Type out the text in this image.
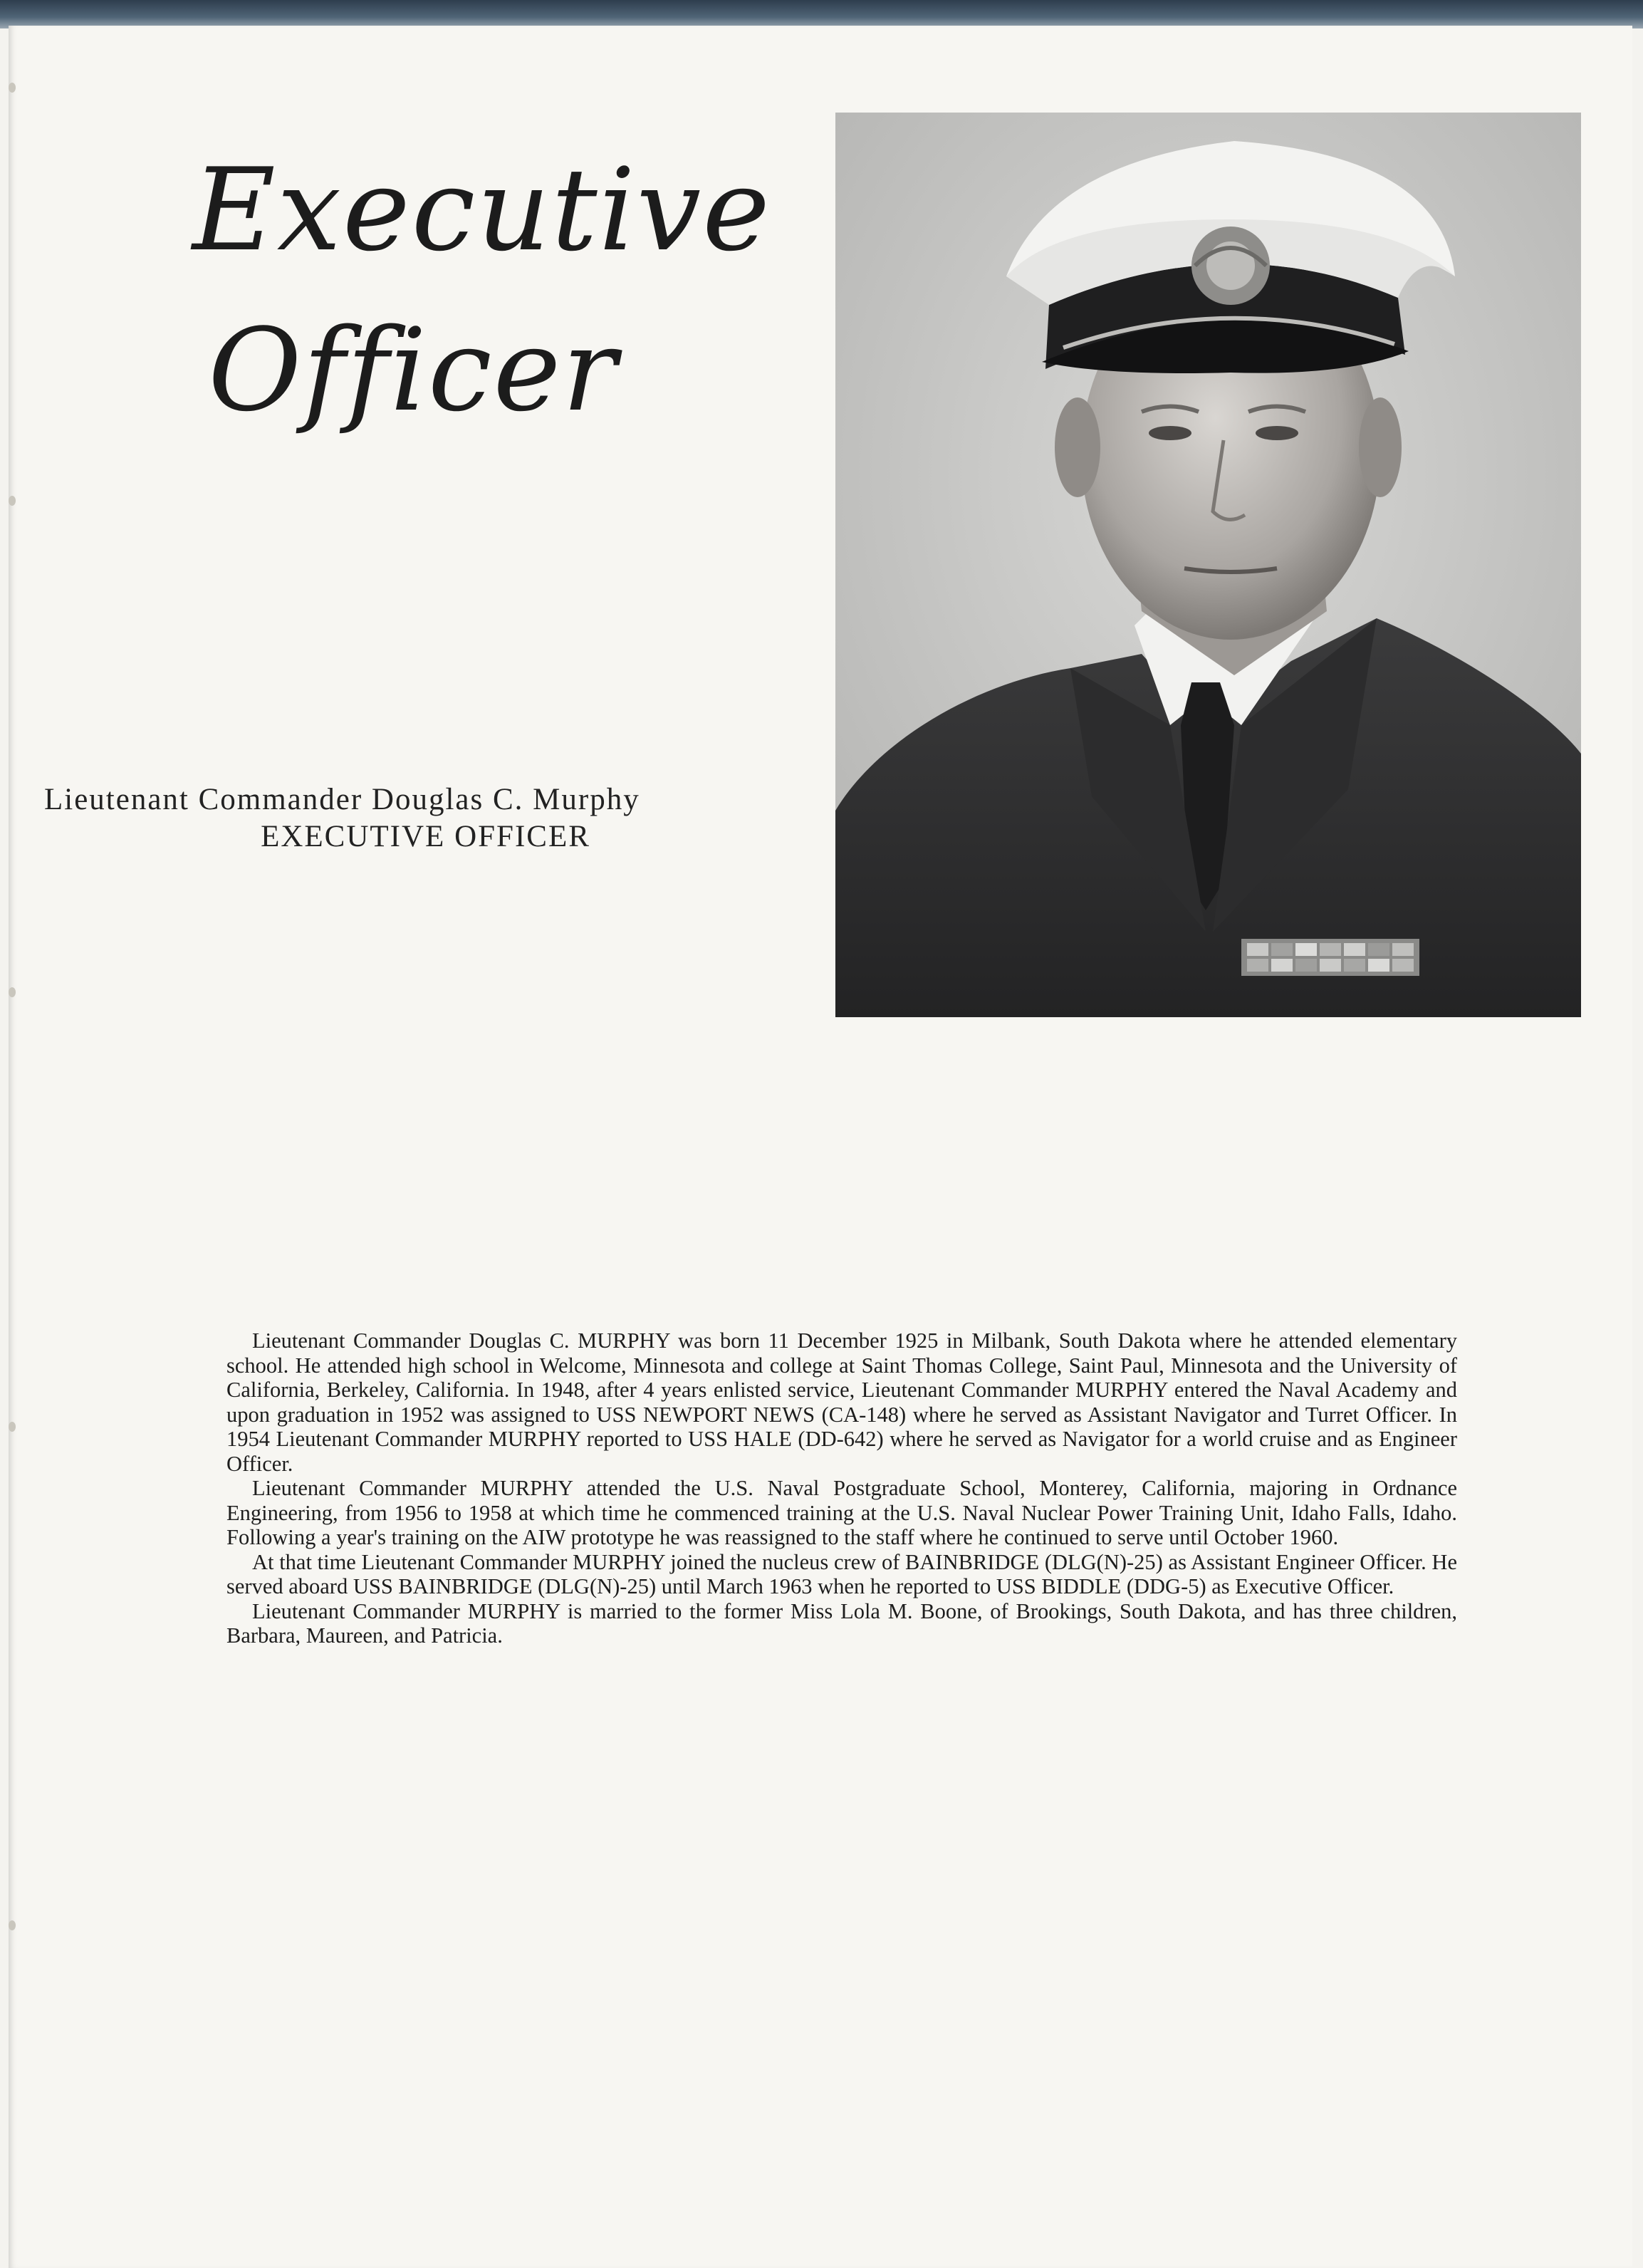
Executive
Officer
Lieutenant Commander Douglas C. Murphy
EXECUTIVE OFFICER

Lieutenant Commander Douglas C. MURPHY was born 11 December 1925 in Milbank, South Dakota where he attended elementary school. He attended high school in Welcome, Minnesota and college at Saint Thomas College, Saint Paul, Minnesota and the University of California, Berkeley, California. In 1948, after 4 years enlisted service, Lieutenant Commander MURPHY entered the Naval Academy and upon graduation in 1952 was assigned to USS NEWPORT NEWS (CA-148) where he served as Assistant Navigator and Turret Officer. In 1954 Lieutenant Commander MURPHY reported to USS HALE (DD-642) where he served as Navigator for a world cruise and as Engineer Officer.

Lieutenant Commander MURPHY attended the U.S. Naval Postgraduate School, Monterey, California, majoring in Ordnance Engineering, from 1956 to 1958 at which time he commenced training at the U.S. Naval Nuclear Power Training Unit, Idaho Falls, Idaho. Following a year's training on the AIW prototype he was reassigned to the staff where he continued to serve until October 1960.

At that time Lieutenant Commander MURPHY joined the nucleus crew of BAINBRIDGE (DLG(N)-25) as Assistant Engineer Officer. He served aboard USS BAINBRIDGE (DLG(N)-25) until March 1963 when he reported to USS BIDDLE (DDG-5) as Executive Officer.

Lieutenant Commander MURPHY is married to the former Miss Lola M. Boone, of Brookings, South Dakota, and has three children, Barbara, Maureen, and Patricia.
